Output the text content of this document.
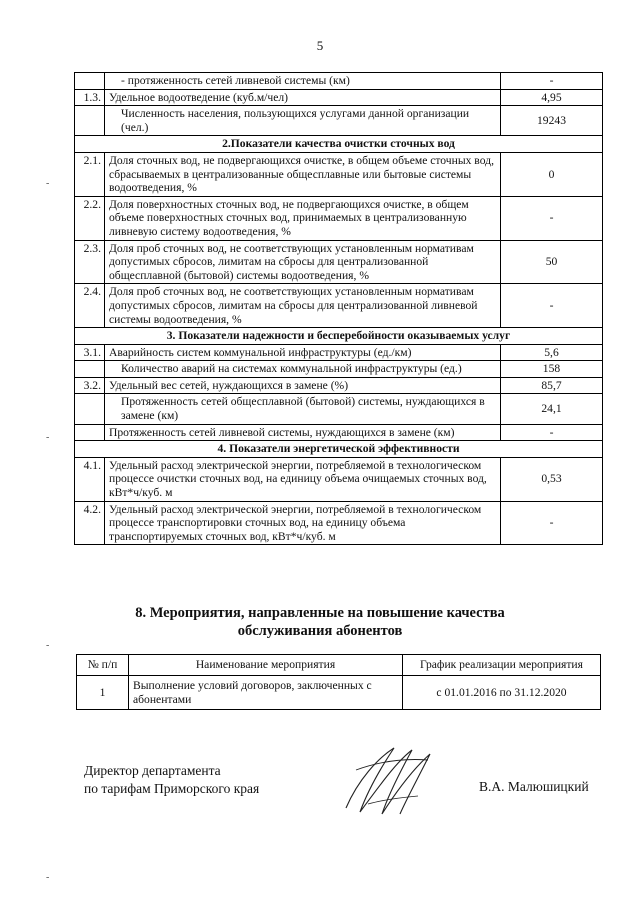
5
	- протяженность сетей ливневой системы (км)	-
1.3.	Удельное водоотведение (куб.м/чел)	4,95
	Численность населения, пользующихся услугами данной организации (чел.)	19243
2.Показатели качества очистки сточных вод		
2.1.	Доля сточных вод, не подвергающихся очистке, в общем объеме сточных вод, сбрасываемых в централизованные общесплавные или бытовые системы водоотведения, %	0
2.2.	Доля поверхностных сточных вод, не подвергающихся очистке, в общем объеме поверхностных сточных вод, принимаемых в централизованную ливневую систему водоотведения, %	-
2.3.	Доля проб сточных вод, не соответствующих установленным нормативам допустимых сбросов, лимитам на сбросы для централизованной общесплавной (бытовой) системы водоотведения, %	50
2.4.	Доля проб сточных вод, не соответствующих установленным нормативам допустимых сбросов, лимитам на сбросы для централизованной ливневой системы водоотведения, %	-
3. Показатели надежности и бесперебойности оказываемых услуг		
3.1.	Аварийность систем коммунальной инфраструктуры (ед./км)	5,6
	Количество аварий на системах коммунальной инфраструктуры (ед.)	158
3.2.	Удельный вес сетей, нуждающихся в замене (%)	85,7
	Протяженность сетей общесплавной (бытовой) системы, нуждающихся в замене (км)	24,1
	Протяженность сетей ливневой системы, нуждающихся в замене (км)	-
4. Показатели энергетической эффективности		
4.1.	Удельный расход электрической энергии, потребляемой в технологическом процессе очистки сточных вод, на единицу объема очищаемых сточных вод, кВт*ч/куб. м	0,53
4.2.	Удельный расход электрической энергии, потребляемой в технологическом процессе транспортировки сточных вод, на единицу объема транспортируемых сточных вод, кВт*ч/куб. м	-
8. Мероприятия, направленные на повышение качества
обслуживания абонентов
№ п/п	Наименование мероприятия	График реализации мероприятия
1	Выполнение условий договоров, заключенных с абонентами	с 01.01.2016 по 31.12.2020
Директор департамента
по тарифам Приморского края	В.А. Малюшицкий
-
-
-
-
